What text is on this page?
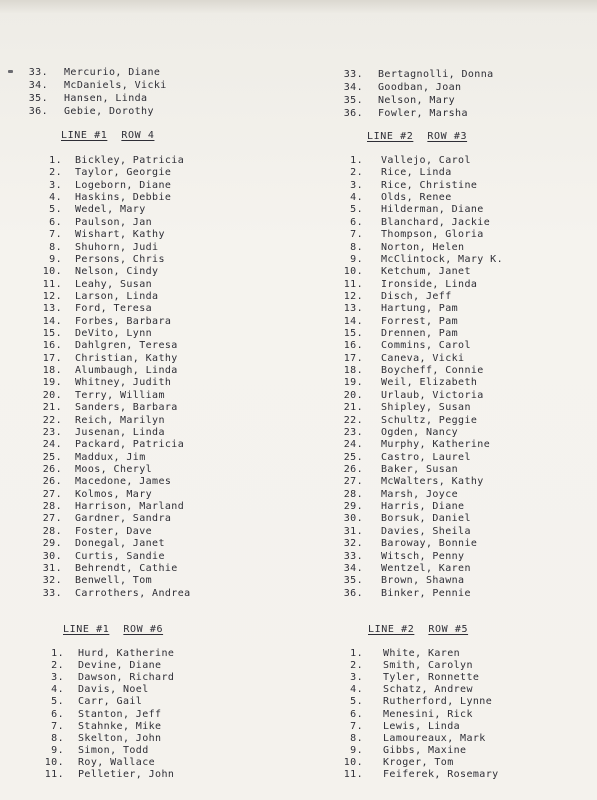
33. Mercurio, Diane
34. McDaniels, Vicki
35. Hansen, Linda
36. Gebie, Dorothy
33. Bertagnolli, Donna
34. Goodban, Joan
35. Nelson, Mary
36. Fowler, Marsha
LINE #1 ROW 4	LINE #2 ROW #3
LINE #1 ROW #6	LINE #2 ROW #5
1. Bickley, Patricia
2. Taylor, Georgie
3. Logeborn, Diane
4. Haskins, Debbie
5. Wedel, Mary
6. Paulson, Jan
7. Wishart, Kathy
8. Shuhorn, Judi
9. Persons, Chris
10. Nelson, Cindy
11. Leahy, Susan
12. Larson, Linda
13. Ford, Teresa
14. Forbes, Barbara
15. DeVito, Lynn
16. Dahlgren, Teresa
17. Christian, Kathy
18. Alumbaugh, Linda
19. Whitney, Judith
20. Terry, William
21. Sanders, Barbara
22. Reich, Marilyn
23. Jusenan, Linda
24. Packard, Patricia
25. Maddux, Jim
26. Moos, Cheryl
26. Macedone, James
27. Kolmos, Mary
28. Harrison, Marland
27. Gardner, Sandra
28. Foster, Dave
29. Donegal, Janet
30. Curtis, Sandie
31. Behrendt, Cathie
32. Benwell, Tom
33. Carrothers, Andrea
1. Vallejo, Carol
2. Rice, Linda
3. Rice, Christine
4. Olds, Renee
5. Hilderman, Diane
6. Blanchard, Jackie
7. Thompson, Gloria
8. Norton, Helen
9. McClintock, Mary K.
10. Ketchum, Janet
11. Ironside, Linda
12. Disch, Jeff
13. Hartung, Pam
14. Forrest, Pam
15. Drennen, Pam
16. Commins, Carol
17. Caneva, Vicki
18. Boycheff, Connie
19. Weil, Elizabeth
20. Urlaub, Victoria
21. Shipley, Susan
22. Schultz, Peggie
23. Ogden, Nancy
24. Murphy, Katherine
25. Castro, Laurel
26. Baker, Susan
27. McWalters, Kathy
28. Marsh, Joyce
29. Harris, Diane
30. Borsuk, Daniel
31. Davies, Sheila
32. Baroway, Bonnie
33. Witsch, Penny
34. Wentzel, Karen
35. Brown, Shawna
36. Binker, Pennie
1. Hurd, Katherine
2. Devine, Diane
3. Dawson, Richard
4. Davis, Noel
5. Carr, Gail
6. Stanton, Jeff
7. Stahnke, Mike
8. Skelton, John
9. Simon, Todd
10. Roy, Wallace
11. Pelletier, John
1. White, Karen
2. Smith, Carolyn
3. Tyler, Ronnette
4. Schatz, Andrew
5. Rutherford, Lynne
6. Menesini, Rick
7. Lewis, Linda
8. Lamoureaux, Mark
9. Gibbs, Maxine
10. Kroger, Tom
11. Feiferek, Rosemary
